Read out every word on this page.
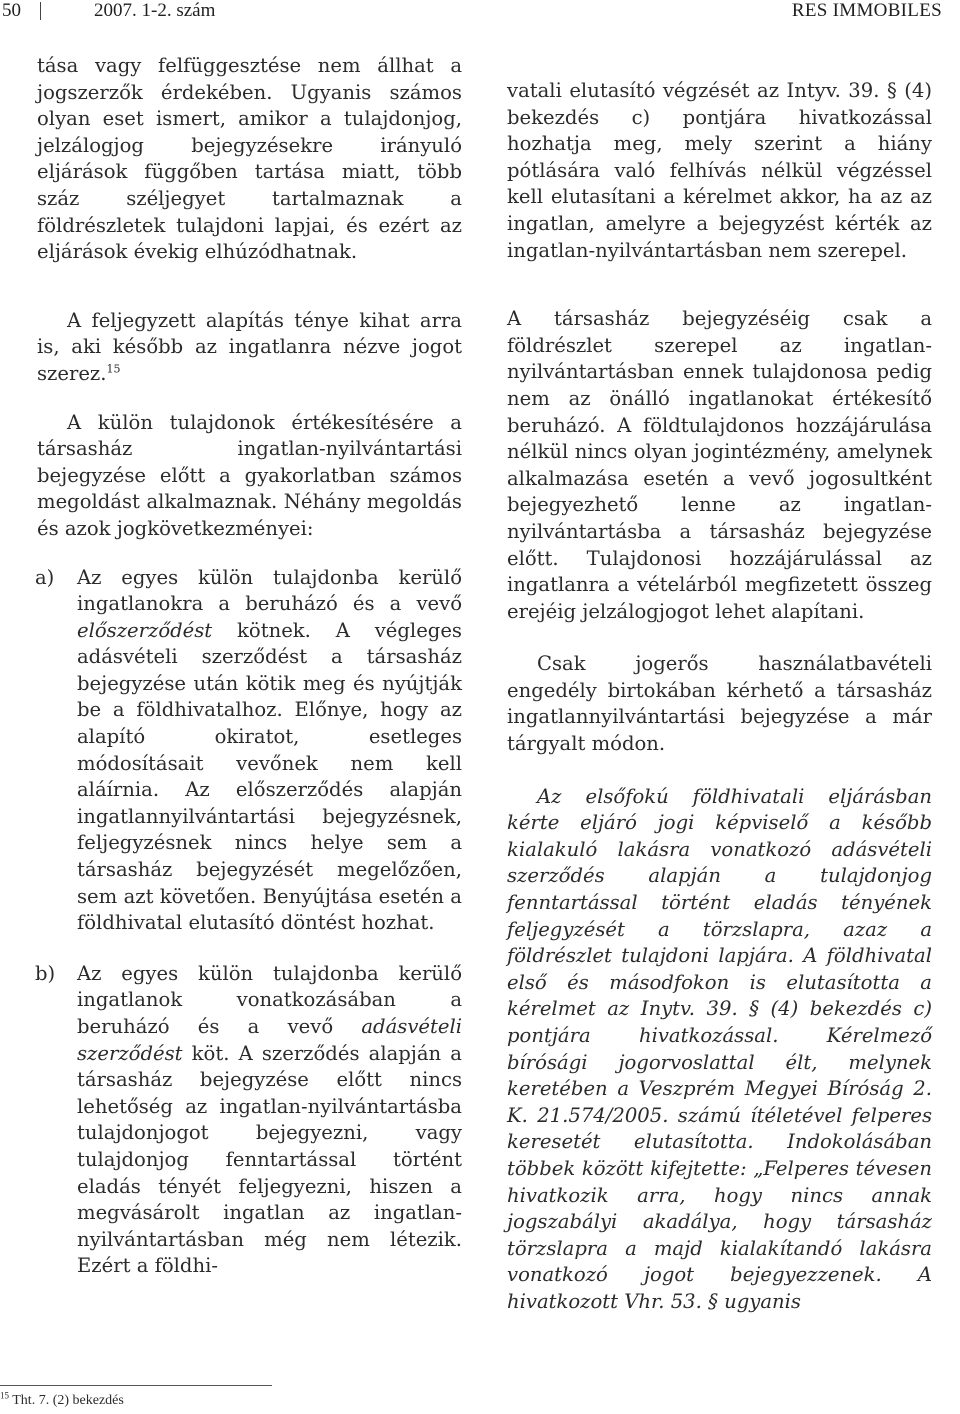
50	2007. 1-2. szám	RES IMMOBILES

tása vagy felfüggesztése nem állhat a jogszerzők érdekében. Ugyanis számos olyan eset ismert, amikor a tulajdonjog, jelzálogjog bejegyzésekre irányuló eljárások függőben tartása miatt, több száz széljegyet tartalmaznak a földrészletek tulajdoni lapjai, és ezért az eljárások évekig elhúzódhatnak.

A feljegyzett alapítás ténye kihat arra is, aki később az ingatlanra nézve jogot szerez.$^{15}$

A külön tulajdonok értékesítésére a társasház ingatlan-nyilvántartási bejegyzése előtt a gyakorlatban számos megoldást alkalmaznak. Néhány megoldás és azok jogkövetkezményei:

a) Az egyes külön tulajdonba kerülő ingatlanokra a beruházó és a vevő előszerződést kötnek. A végleges adásvételi szerződést a társasház bejegyzése után kötik meg és nyújtják be a földhivatalhoz. Előnye, hogy az alapító okiratot, esetleges módosításait vevőnek nem kell aláírnia. Az előszerződés alapján ingatlannyilvántartási bejegyzésnek, feljegyzésnek nincs helye sem a társasház bejegyzését megelőzően, sem azt követően. Benyújtása esetén a földhivatal elutasító döntést hozhat.

b) Az egyes külön tulajdonba kerülő ingatlanok vonatkozásában a beruházó és a vevő adásvételi szerződést köt. A szerződés alapján a társasház bejegyzése előtt nincs lehetőség az ingatlan-nyilvántartásba tulajdonjogot bejegyezni, vagy tulajdonjog fenntartással történt eladás tényét feljegyezni, hiszen a megvásárolt ingatlan az ingatlan-nyilvántartásban még nem létezik. Ezért a földhi-

vatali elutasító végzését az Intyv. 39. § (4) bekezdés c) pontjára hivatkozással hozhatja meg, mely szerint a hiány pótlására való felhívás nélkül végzéssel kell elutasítani a kérelmet akkor, ha az az ingatlan, amelyre a bejegyzést kérték az ingatlan-nyilvántartásban nem szerepel.

A társasház bejegyzéséig csak a földrészlet szerepel az ingatlan-nyilvántartásban ennek tulajdonosa pedig nem az önálló ingatlanokat értékesítő beruházó. A földtulajdonos hozzájárulása nélkül nincs olyan jogintézmény, amelynek alkalmazása esetén a vevő jogosultként bejegyezhető lenne az ingatlan-nyilvántartásba a társasház bejegyzése előtt. Tulajdonosi hozzájárulással az ingatlanra a vételárból megfizetett összeg erejéig jelzálogjogot lehet alapítani.

Csak jogerős használatbavételi engedély birtokában kérhető a társasház ingatlannyilvántartási bejegyzése a már tárgyalt módon.

Az elsőfokú földhivatali eljárásban kérte eljáró jogi képviselő a később kialakuló lakásra vonatkozó adásvételi szerződés alapján a tulajdonjog fenntartással történt eladás tényének feljegyzését a törzslapra, azaz a földrészlet tulajdoni lapjára. A földhivatal első és másodfokon is elutasította a kérelmet az Inytv. 39. § (4) bekezdés c) pontjára hivatkozással. Kérelmező bírósági jogorvoslattal élt, melynek keretében a Veszprém Megyei Bíróság 2. K. 21.574/2005. számú ítéletével felperes keresetét elutasította. Indokolásában többek között kifejtette: „Felperes tévesen hivatkozik arra, hogy nincs annak jogszabályi akadálya, hogy társasház törzslapra a majd kialakítandó lakásra vonatkozó jogot bejegyezzenek. A hivatkozott Vhr. 53. § ugyanis

$^{15}$ Tht. 7. (2) bekezdés
